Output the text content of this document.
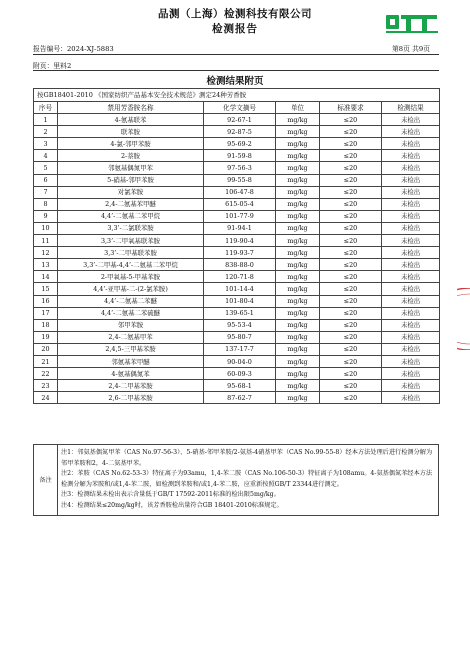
品测（上海）检测科技有限公司
检测报告
报告编号：2024-XJ-5883	第8页 共9页
附页：里料2
检测结果附页
按GB18401-2010 《国家纺织产品基本安全技术规范》测定24种芳香胺					
序号	禁用芳香胺名称	化学文摘号	单位	标准要求	检测结果
1	4-氨基联苯	92-67-1	mg/kg	≤20	未检出
2	联苯胺	92-87-5	mg/kg	≤20	未检出
3	4-氯-邻甲苯胺	95-69-2	mg/kg	≤20	未检出
4	2-萘胺	91-59-8	mg/kg	≤20	未检出
5	邻氨基偶氮甲苯	97-56-3	mg/kg	≤20	未检出
6	5-硝基-邻甲苯胺	99-55-8	mg/kg	≤20	未检出
7	对氯苯胺	106-47-8	mg/kg	≤20	未检出
8	2,4-二氨基苯甲醚	615-05-4	mg/kg	≤20	未检出
9	4,4’-二氨基二苯甲烷	101-77-9	mg/kg	≤20	未检出
10	3,3’-二氯联苯胺	91-94-1	mg/kg	≤20	未检出
11	3,3’-二甲氧基联苯胺	119-90-4	mg/kg	≤20	未检出
12	3,3’-二甲基联苯胺	119-93-7	mg/kg	≤20	未检出
13	3,3’-二甲基-4,4’-二氨基二苯甲烷	838-88-0	mg/kg	≤20	未检出
14	2-甲氧基-5-甲基苯胺	120-71-8	mg/kg	≤20	未检出
15	4,4’-亚甲基-二-(2-氯苯胺)	101-14-4	mg/kg	≤20	未检出
16	4,4’-二氨基二苯醚	101-80-4	mg/kg	≤20	未检出
17	4,4’-二氨基二苯硫醚	139-65-1	mg/kg	≤20	未检出
18	邻甲苯胺	95-53-4	mg/kg	≤20	未检出
19	2,4-二氨基甲苯	95-80-7	mg/kg	≤20	未检出
20	2,4,5-三甲基苯胺	137-17-7	mg/kg	≤20	未检出
21	邻氨基苯甲醚	90-04-0	mg/kg	≤20	未检出
22	4-氨基偶氮苯	60-09-3	mg/kg	≤20	未检出
23	2,4-二甲基苯胺	95-68-1	mg/kg	≤20	未检出
24	2,6-二甲基苯胺	87-62-7	mg/kg	≤20	未检出
备注	

注1：邻氨基偶氮甲苯（CAS No.97-56-3）、5-硝基-邻甲苯胺/2-氨基-4硝基甲苯（CAS No.99-55-8）经本方法处理后进行检测分解为邻甲苯胺和2，4-二氨基甲苯。

注2：苯胺（CAS No.62-53-3）特征离子为93amu，1,4-苯二胺（CAS No.106-50-3）特征离子为108amu。4-氨基偶氮苯经本方法检测分解为苯胺和/或1,4-苯二胺，如检测到苯胺和/或1,4-苯二胺，应重新按照GB/T 23344进行测定。

注3：检测结果未检出表示含量低于GB/T 17592-2011标准的检出限5mg/kg。

注4：检测结果≤20mg/kg时，该芳香胺检出量符合GB 18401-2010标准规定。
